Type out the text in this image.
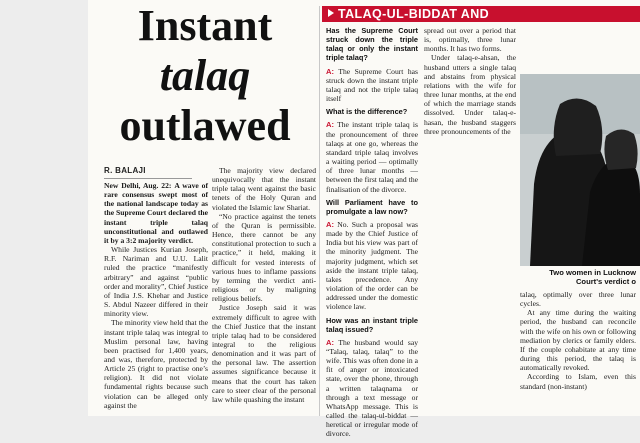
Instant
talaq
outlawed
R. BALAJI

New Delhi, Aug. 22: A wave of rare consensus swept most of the national landscape today as the Supreme Court declared the instant triple talaq unconstitutional and outlawed it by a 3:2 majority verdict.

While Justices Kurian Joseph, R.F. Nariman and U.U. Lalit ruled the practice “manifestly arbitrary” and against “public order and morality”, Chief Justice of India J.S. Khehar and Justice S. Abdul Nazeer differed in their minority view.

The minority view held that the instant triple talaq was integral to Muslim personal law, having been practised for 1,400 years, and was, therefore, protected by Article 25 (right to practise one’s religion). It did not violate fundamental rights because such violation can be alleged only against the

The majority view declared unequivocally that the instant triple talaq went against the basic tenets of the Holy Quran and violated the Islamic law Shariat.

“No practice against the tenets of the Quran is permissible. Hence, there cannot be any constitutional protection to such a practice,” it held, making it difficult for vested interests of various hues to inflame passions by terming the verdict anti-religious or by maligning religious beliefs.

Justice Joseph said it was extremely difficult to agree with the Chief Justice that the instant triple talaq had to be considered integral to the religious denomination and it was part of the personal law. The assertion assumes significance because it means that the court has taken care to steer clear of the personal law while quashing the instant

TALAQ-UL-BIDDAT AND

Has the Supreme Court struck down the triple talaq or only the instant triple talaq?

A: The Supreme Court has struck down the instant triple talaq and not the triple talaq itself

What is the difference?

A: The instant triple talaq is the pronouncement of three talaqs at one go, whereas the standard triple talaq involves a waiting period — optimally of three lunar months — between the first talaq and the finalisation of the divorce.

Will Parliament have to promulgate a law now?

A: No. Such a proposal was made by the Chief Justice of India but his view was part of the minority judgment. The majority judgment, which set aside the instant triple talaq, takes precedence. Any violation of the order can be addressed under the domestic violence law.

How was an instant triple talaq issued?

A: The husband would say “Talaq, talaq, talaq” to the wife. This was often done in a fit of anger or intoxicated state, over the phone, through a written talaqnama or through a text message or WhatsApp message. This is called the talaq-ul-biddat — heretical or irregular mode of divorce.

spread out over a period that is, optimally, three lunar months. It has two forms.

Under talaq-e-ahsan, the husband utters a single talaq and abstains from physical relations with the wife for three lunar months, at the end of which the marriage stands dissolved. Under talaq-e-hasan, the husband staggers three pronouncements of the

Two women in Lucknow
Court's verdict o

talaq, optimally over three lunar cycles.

At any time during the waiting period, the husband can reconcile with the wife on his own or following mediation by clerics or family elders. If the couple cohabitate at any time during this period, the talaq is automatically revoked.

According to Islam, even this standard (non-instant)
